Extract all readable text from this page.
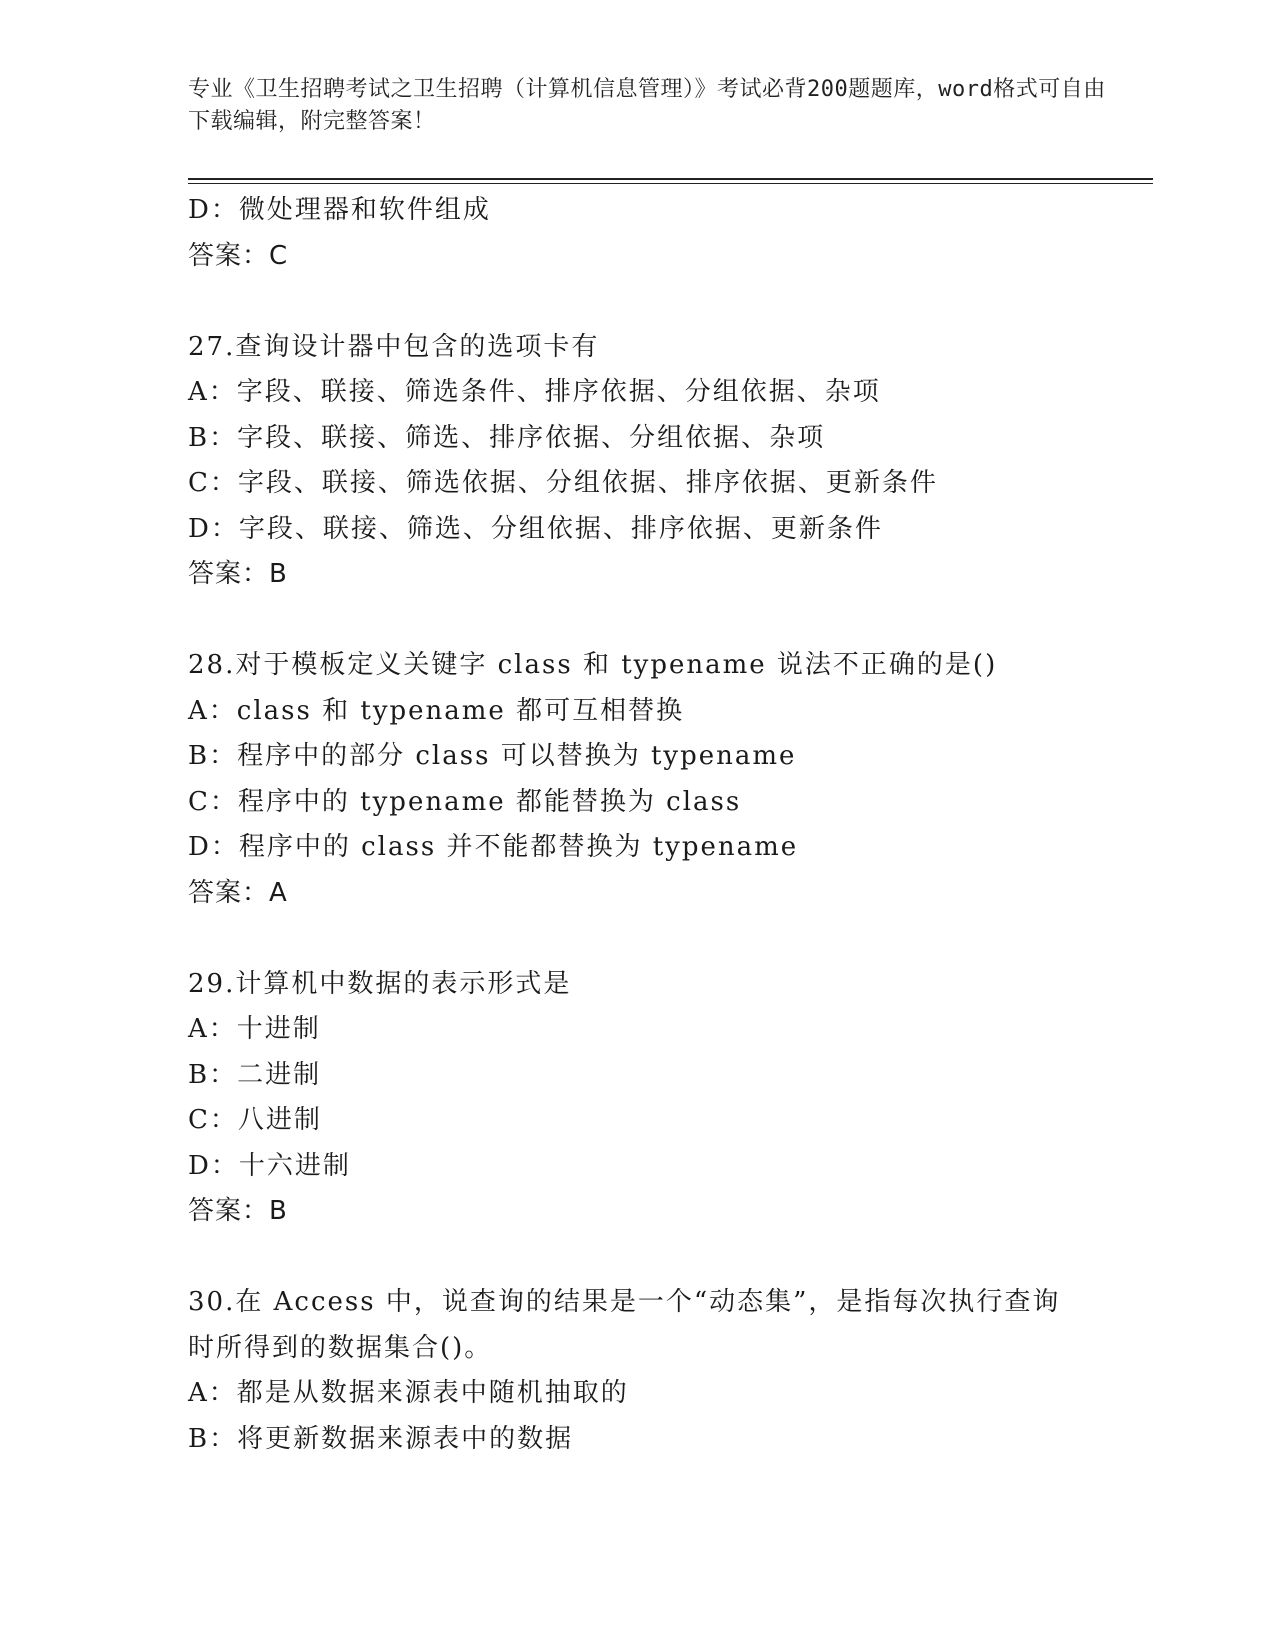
专业《卫生招聘考试之卫生招聘（计算机信息管理）》考试必背200题题库，word格式可自由下载编辑，附完整答案！
D：微处理器和软件组成
答案：C
27.查询设计器中包含的选项卡有
A：字段、联接、筛选条件、排序依据、分组依据、杂项
B：字段、联接、筛选、排序依据、分组依据、杂项
C：字段、联接、筛选依据、分组依据、排序依据、更新条件
D：字段、联接、筛选、分组依据、排序依据、更新条件
答案：B
28.对于模板定义关键字 class 和 typename 说法不正确的是()
A：class 和 typename 都可互相替换
B：程序中的部分 class 可以替换为 typename
C：程序中的 typename 都能替换为 class
D：程序中的 class 并不能都替换为 typename
答案：A
29.计算机中数据的表示形式是
A：十进制
B：二进制
C：八进制
D：十六进制
答案：B
30.在 Access 中，说查询的结果是一个“动态集”，是指每次执行查询时所得到的数据集合()。
A：都是从数据来源表中随机抽取的
B：将更新数据来源表中的数据
